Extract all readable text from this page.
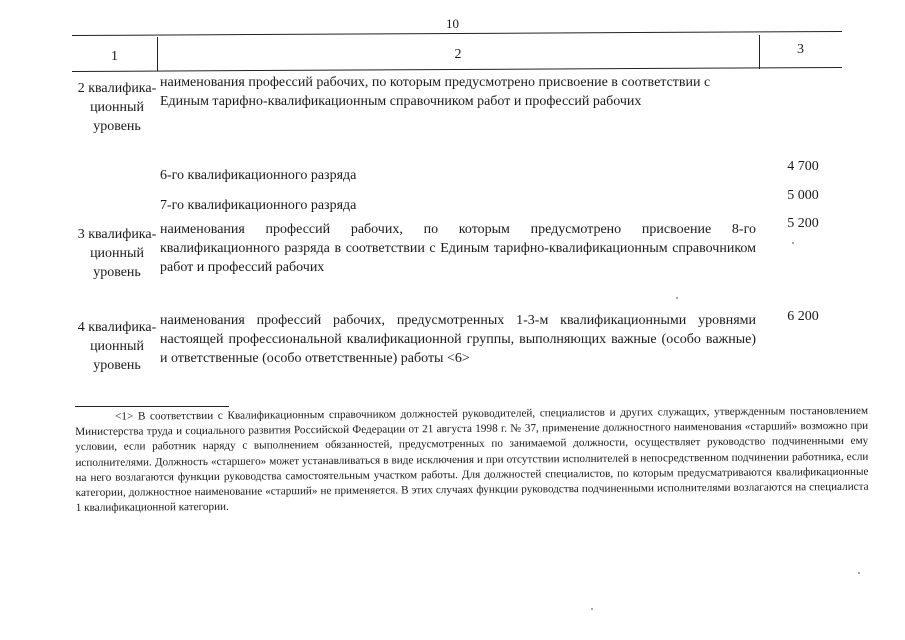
10
1	2	3
2 квалифика-ционный уровень
наименования профессий рабочих, по которым предусмотрено присвоение в соответствии с Единым тарифно-квалификационным справочником работ и профессий рабочих
6-го квалификационного разряда
4 700
7-го квалификационного разряда
5 000
3 квалифика-ционный уровень
наименования профессий рабочих, по которым предусмотрено присвоение 8-го квалификационного разряда в соответствии с Единым тарифно-квалификационным справочником работ и профессий рабочих
5 200
4 квалифика-ционный уровень
наименования профессий рабочих, предусмотренных 1-3-м квалификационными уровнями настоящей профессиональной квалификационной группы, выполняющих важные (особо важные) и ответственные (особо ответственные) работы <6>
6 200
<1> В соответствии с Квалификационным справочником должностей руководителей, специалистов и других служащих, утвержденным постановлением Министерства труда и социального развития Российской Федерации от 21 августа 1998 г. № 37, применение должностного наименования «старший» возможно при условии, если работник наряду с выполнением обязанностей, предусмотренных по занимаемой должности, осуществляет руководство подчиненными ему исполнителями. Должность «старшего» может устанавливаться в виде исключения и при отсутствии исполнителей в непосредственном подчинении работника, если на него возлагаются функции руководства самостоятельным участком работы. Для должностей специалистов, по которым предусматриваются квалификационные категории, должностное наименование «старший» не применяется. В этих случаях функции руководства подчиненными исполнителями возлагаются на специалиста 1 квалификационной категории.
